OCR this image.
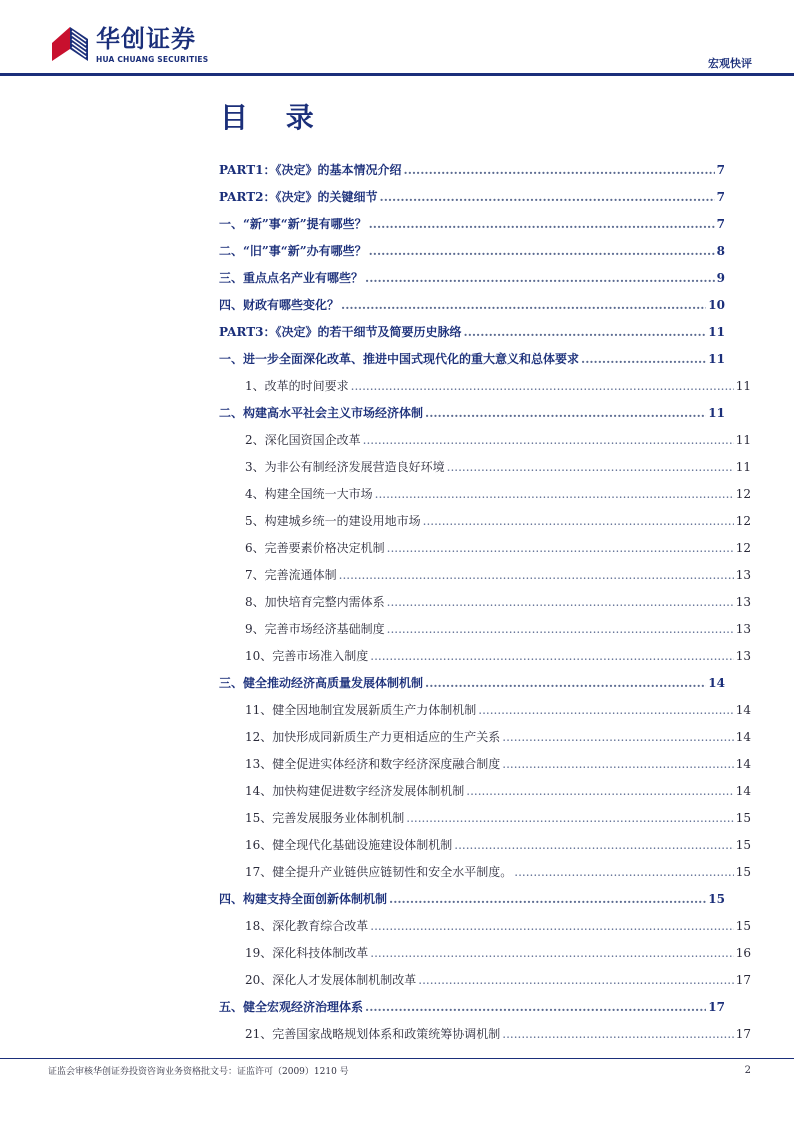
华创证券
HUA CHUANG SECURITIES	宏观快评
目 录
PART1：《决定》的基本情况介绍 .....	7
PART2：《决定》的关键细节 .....	7
一、“新”事“新”提有哪些？ .....	7
二、“旧”事“新”办有哪些？ .....	8
三、重点点名产业有哪些？ .....	9
四、财政有哪些变化？ .....	10
PART3：《决定》的若干细节及简要历史脉络 .....	11
一、进一步全面深化改革、推进中国式现代化的重大意义和总体要求 .....	11
1、改革的时间要求 .....	11
二、构建高水平社会主义市场经济体制 .....	11
2、深化国资国企改革 .....	11
3、为非公有制经济发展营造良好环境 .....	11
4、构建全国统一大市场 .....	12
5、构建城乡统一的建设用地市场 .....	12
6、完善要素价格决定机制 .....	12
7、完善流通体制 .....	13
8、加快培育完整内需体系 .....	13
9、完善市场经济基础制度 .....	13
10、完善市场准入制度 .....	13
三、健全推动经济高质量发展体制机制 .....	14
11、健全因地制宜发展新质生产力体制机制 .....	14
12、加快形成同新质生产力更相适应的生产关系 .....	14
13、健全促进实体经济和数字经济深度融合制度 .....	14
14、加快构建促进数字经济发展体制机制 .....	14
15、完善发展服务业体制机制 .....	15
16、健全现代化基础设施建设体制机制 .....	15
17、健全提升产业链供应链韧性和安全水平制度。 .....	15
四、构建支持全面创新体制机制 .....	15
18、深化教育综合改革 .....	15
19、深化科技体制改革 .....	16
20、深化人才发展体制机制改革 .....	17
五、健全宏观经济治理体系 .....	17
21、完善国家战略规划体系和政策统筹协调机制 .....	17
证监会审核华创证券投资咨询业务资格批文号：证监许可（2009）1210 号	2
